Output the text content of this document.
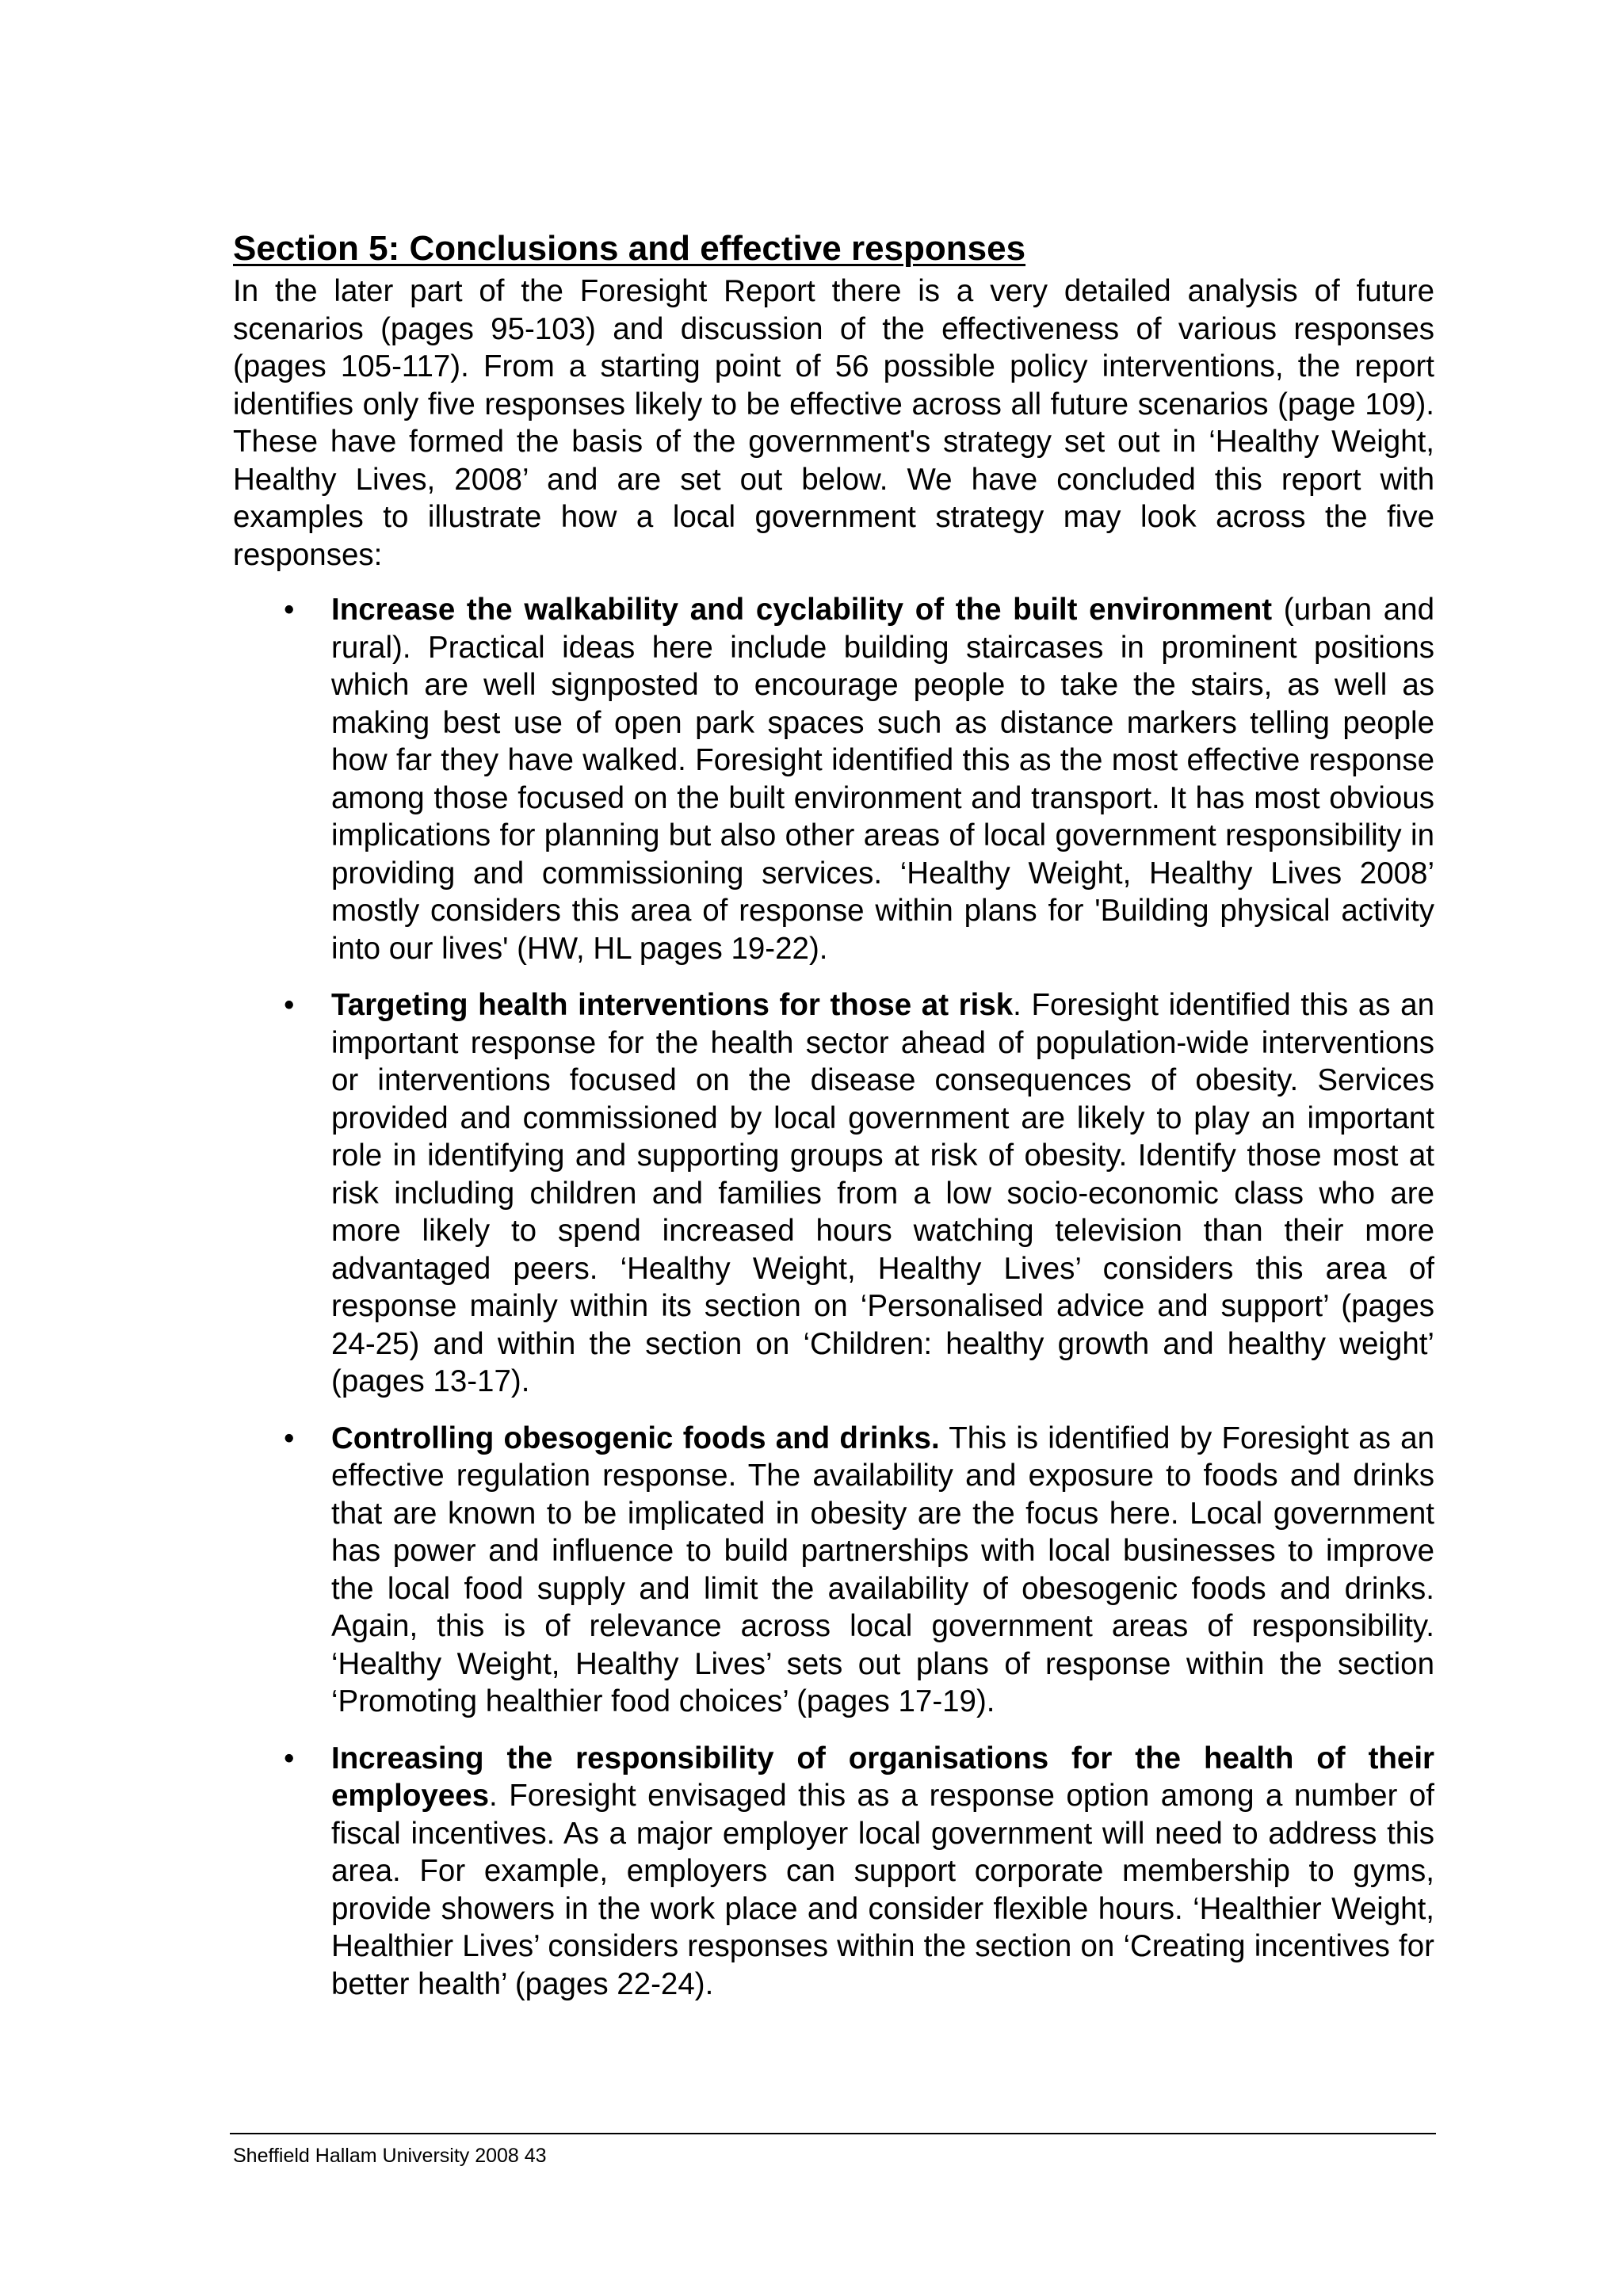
Section 5: Conclusions and effective responses

In the later part of the Foresight Report there is a very detailed analysis of future scenarios (pages 95-103) and discussion of the effectiveness of various responses (pages 105-117). From a starting point of 56 possible policy interventions, the report identifies only five responses likely to be effective across all future scenarios (page 109). These have formed the basis of the government's strategy set out in ‘Healthy Weight, Healthy Lives, 2008’ and are set out below. We have concluded this report with examples to illustrate how a local government strategy may look across the five responses:

• Increase the walkability and cyclability of the built environment (urban and rural). Practical ideas here include building staircases in prominent positions which are well signposted to encourage people to take the stairs, as well as making best use of open park spaces such as distance markers telling people how far they have walked. Foresight identified this as the most effective response among those focused on the built environment and transport. It has most obvious implications for planning but also other areas of local government responsibility in providing and commissioning services. ‘Healthy Weight, Healthy Lives 2008’ mostly considers this area of response within plans for 'Building physical activity into our lives' (HW, HL pages 19-22).
• Targeting health interventions for those at risk. Foresight identified this as an important response for the health sector ahead of population-wide interventions or interventions focused on the disease consequences of obesity. Services provided and commissioned by local government are likely to play an important role in identifying and supporting groups at risk of obesity. Identify those most at risk including children and families from a low socio-economic class who are more likely to spend increased hours watching television than their more advantaged peers. ‘Healthy Weight, Healthy Lives’ considers this area of response mainly within its section on ‘Personalised advice and support’ (pages 24-25) and within the section on ‘Children: healthy growth and healthy weight’ (pages 13-17).
• Controlling obesogenic foods and drinks. This is identified by Foresight as an effective regulation response. The availability and exposure to foods and drinks that are known to be implicated in obesity are the focus here. Local government has power and influence to build partnerships with local businesses to improve the local food supply and limit the availability of obesogenic foods and drinks. Again, this is of relevance across local government areas of responsibility. ‘Healthy Weight, Healthy Lives’ sets out plans of response within the section ‘Promoting healthier food choices’ (pages 17-19).
• Increasing the responsibility of organisations for the health of their employees. Foresight envisaged this as a response option among a number of fiscal incentives. As a major employer local government will need to address this area. For example, employers can support corporate membership to gyms, provide showers in the work place and consider flexible hours. ‘Healthier Weight, Healthier Lives’ considers responses within the section on ‘Creating incentives for better health’ (pages 22-24).
Sheffield Hallam University 2008 43
